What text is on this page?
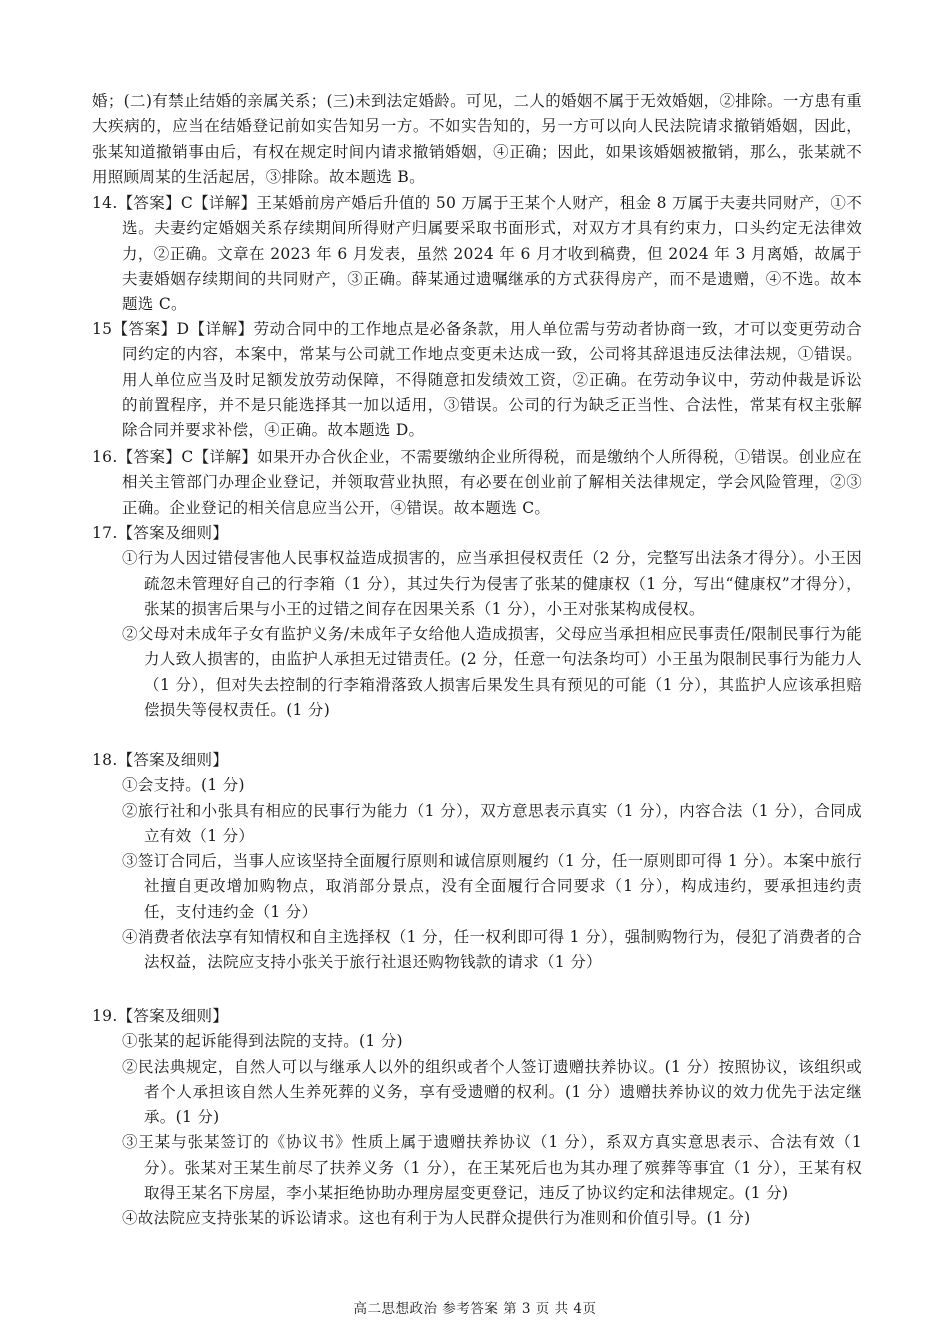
婚；(二)有禁止结婚的亲属关系；(三)未到法定婚龄。可见，二人的婚姻不属于无效婚姻，②排除。一方患有重大疾病的，应当在结婚登记前如实告知另一方。不如实告知的，另一方可以向人民法院请求撤销婚姻，因此，张某知道撤销事由后，有权在规定时间内请求撤销婚姻，④正确；因此，如果该婚姻被撤销，那么，张某就不用照顾周某的生活起居，③排除。故本题选 B。

14.【答案】C【详解】王某婚前房产婚后升值的 50 万属于王某个人财产，租金 8 万属于夫妻共同财产，①不选。夫妻约定婚姻关系存续期间所得财产归属要采取书面形式，对双方才具有约束力，口头约定无法律效力，②正确。文章在 2023 年 6 月发表，虽然 2024 年 6 月才收到稿费，但 2024 年 3 月离婚，故属于夫妻婚姻存续期间的共同财产，③正确。薛某通过遗嘱继承的方式获得房产，而不是遗赠，④不选。故本题选 C。

15【答案】D【详解】劳动合同中的工作地点是必备条款，用人单位需与劳动者协商一致，才可以变更劳动合同约定的内容，本案中，常某与公司就工作地点变更未达成一致，公司将其辞退违反法律法规，①错误。用人单位应当及时足额发放劳动保障，不得随意扣发绩效工资，②正确。在劳动争议中，劳动仲裁是诉讼的前置程序，并不是只能选择其一加以适用，③错误。公司的行为缺乏正当性、合法性，常某有权主张解除合同并要求补偿，④正确。故本题选 D。

16.【答案】C【详解】如果开办合伙企业，不需要缴纳企业所得税，而是缴纳个人所得税，①错误。创业应在相关主管部门办理企业登记，并领取营业执照，有必要在创业前了解相关法律规定，学会风险管理，②③正确。企业登记的相关信息应当公开，④错误。故本题选 C。

17.【答案及细则】

①行为人因过错侵害他人民事权益造成损害的，应当承担侵权责任（2 分，完整写出法条才得分）。小王因疏忽未管理好自己的行李箱（1 分），其过失行为侵害了张某的健康权（1 分，写出“健康权”才得分），张某的损害后果与小王的过错之间存在因果关系（1 分），小王对张某构成侵权。

②父母对未成年子女有监护义务/未成年子女给他人造成损害，父母应当承担相应民事责任/限制民事行为能力人致人损害的，由监护人承担无过错责任。(2 分，任意一句法条均可）小王虽为限制民事行为能力人（1 分），但对失去控制的行李箱滑落致人损害后果发生具有预见的可能（1 分），其监护人应该承担赔偿损失等侵权责任。(1 分)

18.【答案及细则】

①会支持。(1 分)

②旅行社和小张具有相应的民事行为能力（1 分），双方意思表示真实（1 分），内容合法（1 分），合同成立有效（1 分）

③签订合同后，当事人应该坚持全面履行原则和诚信原则履约（1 分，任一原则即可得 1 分）。本案中旅行社擅自更改增加购物点，取消部分景点，没有全面履行合同要求（1 分），构成违约，要承担违约责任，支付违约金（1 分）

④消费者依法享有知情权和自主选择权（1 分，任一权利即可得 1 分），强制购物行为，侵犯了消费者的合法权益，法院应支持小张关于旅行社退还购物钱款的请求（1 分）

19.【答案及细则】

①张某的起诉能得到法院的支持。(1 分)

②民法典规定，自然人可以与继承人以外的组织或者个人签订遗赠扶养协议。(1 分）按照协议，该组织或者个人承担该自然人生养死葬的义务，享有受遗赠的权利。(1 分）遗赠扶养协议的效力优先于法定继承。(1 分)

③王某与张某签订的《协议书》性质上属于遗赠扶养协议（1 分），系双方真实意思表示、合法有效（1 分）。张某对王某生前尽了扶养义务（1 分），在王某死后也为其办理了殡葬等事宜（1 分），王某有权取得王某名下房屋，李小某拒绝协助办理房屋变更登记，违反了协议约定和法律规定。(1 分)

④故法院应支持张某的诉讼请求。这也有利于为人民群众提供行为准则和价值引导。(1 分)

高二思想政治 参考答案 第 3 页 共 4页
